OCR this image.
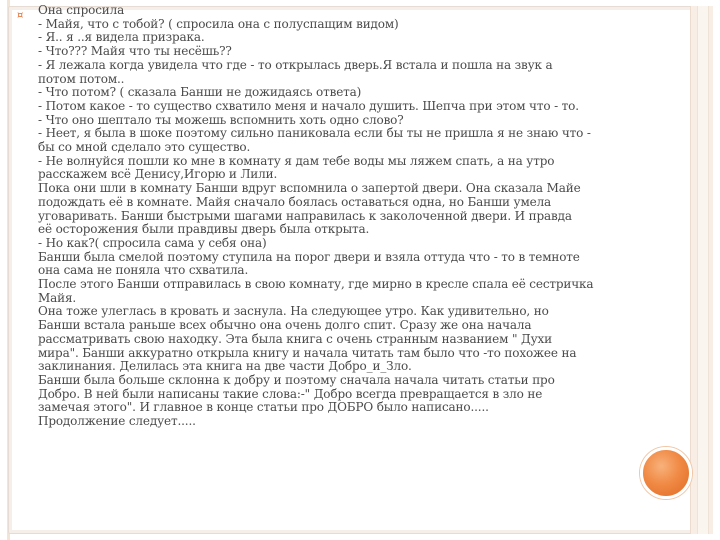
¤ Она спросила
- Майя, что с тобой? ( спросила она с полуспащим видом)
- Я.. я ..я видела призрака.
- Что??? Майя что ты несёшь??
- Я лежала когда увидела что где - то открылась дверь.Я встала и пошла на звук а
потом потом..
- Что потом? ( сказала Банши не дожидаясь ответа)
- Потом какое - то существо схватило меня и начало душить. Шепча при этом что - то.
- Что оно шептало ты можешь вспомнить хоть одно слово?
- Неет, я была в шоке поэтому сильно паниковала если бы ты не пришла я не знаю что -
бы со мной сделало это существо.
- Не волнуйся пошли ко мне в комнату я дам тебе воды мы ляжем спать, а на утро
расскажем всё Денису,Игорю и Лили.
Пока они шли в комнату Банши вдруг вспомнила о запертой двери. Она сказала Майе
подождать её в комнате. Майя сначало боялась оставаться одна, но Банши умела
уговаривать. Банши быстрыми шагами направилась к заколоченной двери. И правда
её осторожения были правдивы дверь была открыта.
- Но как?( спросила сама у себя она)
Банши была смелой поэтому ступила на порог двери и взяла оттуда что - то в темноте
она сама не поняла что схватила.
После этого Банши отправилась в свою комнату, где мирно в кресле спала её сестричка
Майя.
Она тоже улеглась в кровать и заснула. На следующее утро. Как удивительно, но
Банши встала раньше всех обычно она очень долго спит. Сразу же она начала
рассматривать свою находку. Эта была книга с очень странным названием " Духи
мира". Банши аккуратно открыла книгу и начала читать там было что -то похожее на
заклинания. Делилась эта книга на две части Добро_и_Зло.
Банши была больше склонна к добру и поэтому сначала начала читать статьи про
Добро. В ней были написаны такие слова:-" Добро всегда превращается в зло не
замечая этого". И главное в конце статьи про ДОБРО было написано.....
Продолжение следует.....
